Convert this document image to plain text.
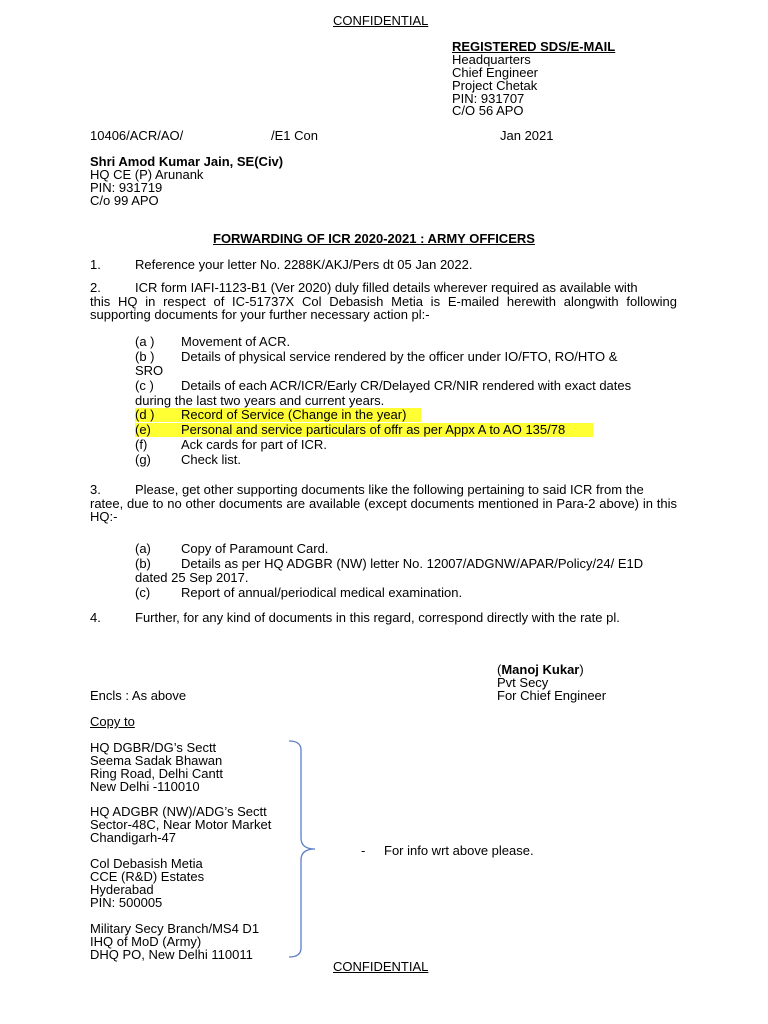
CONFIDENTIAL
REGISTERED SDS/E-MAIL
Headquarters
Chief Engineer
Project Chetak
PIN: 931707
C/O 56 APO
10406/ACR/AO/	/E1 Con	Jan 2021
Shri Amod Kumar Jain, SE(Civ)
HQ CE (P) Arunank
PIN: 931719
C/o 99 APO
FORWARDING OF ICR 2020-2021 : ARMY OFFICERS
1.	Reference your letter No. 2288K/AKJ/Pers dt 05 Jan 2022.
2.	ICR form IAFI-1123-B1 (Ver 2020) duly filled details wherever required as available with
this HQ in respect of IC-51737X Col Debasish Metia is E-mailed herewith alongwith following supporting documents for your further necessary action pl:-
(a ) Movement of ACR.
(b ) Details of physical service rendered by the officer under IO/FTO, RO/HTO &
SRO
(c ) Details of each ACR/ICR/Early CR/Delayed CR/NIR rendered with exact dates
during the last two years and current years.
(d ) Record of Service (Change in the year)
(e) Personal and service particulars of offr as per Appx A to AO 135/78
(f)	Ack cards for part of ICR.
(g) Check list.
3.	Please, get other supporting documents like the following pertaining to said ICR from the
ratee, due to no other documents are available (except documents mentioned in Para-2 above) in this HQ:-
(a) Copy of Paramount Card.
(b) Details as per HQ ADGBR (NW) letter No. 12007/ADGNW/APAR/Policy/24/ E1D
dated 25 Sep 2017.
(c) Report of annual/periodical medical examination.
4.	Further, for any kind of documents in this regard, correspond directly with the rate pl.
(Manoj Kukar)
Pvt Secy
For Chief Engineer
Encls : As above
Copy to
HQ DGBR/DG’s Sectt
Seema Sadak Bhawan
Ring Road, Delhi Cantt
New Delhi -110010
HQ ADGBR (NW)/ADG’s Sectt
Sector-48C, Near Motor Market
Chandigarh-47
Col Debasish Metia
CCE (R&D) Estates
Hyderabad
PIN: 500005
Military Secy Branch/MS4 D1
IHQ of MoD (Army)
DHQ PO, New Delhi 110011
- For info wrt above please.
CONFIDENTIAL
